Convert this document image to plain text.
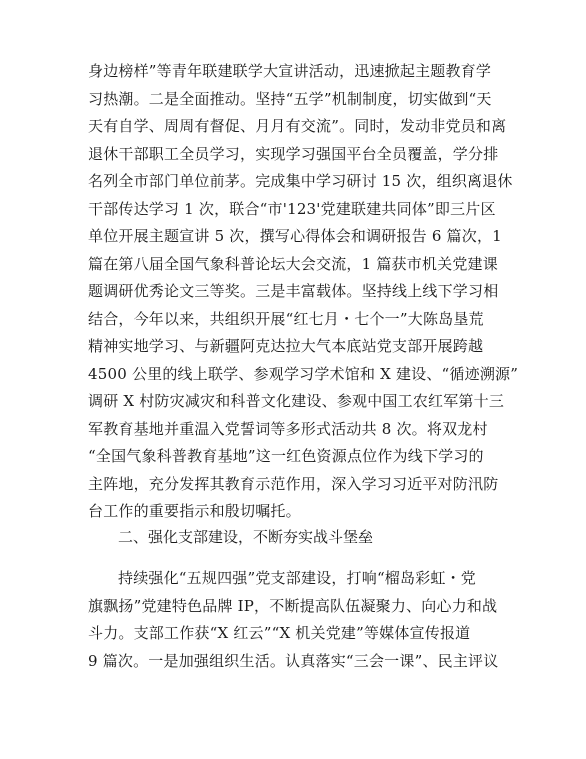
身边榜样”等青年联建联学大宣讲活动，迅速掀起主题教育学
习热潮。二是全面推动。坚持“五学”机制制度，切实做到“天
天有自学、周周有督促、月月有交流”。同时，发动非党员和离
退休干部职工全员学习，实现学习强国平台全员覆盖，学分排
名列全市部门单位前茅。完成集中学习研讨 15 次，组织离退休
干部传达学习 1 次，联合“市'123'党建联建共同体”即三片区
单位开展主题宣讲 5 次，撰写心得体会和调研报告 6 篇次，1
篇在第八届全国气象科普论坛大会交流，1 篇获市机关党建课
题调研优秀论文三等奖。三是丰富载体。坚持线上线下学习相
结合，今年以来，共组织开展“红七月・七个一”大陈岛垦荒
精神实地学习、与新疆阿克达拉大气本底站党支部开展跨越
4500 公里的线上联学、参观学习学术馆和 X 建设、“循迹溯源”
调研 X 村防灾减灾和科普文化建设、参观中国工农红军第十三
军教育基地并重温入党誓词等多形式活动共 8 次。将双龙村
“全国气象科普教育基地”这一红色资源点位作为线下学习的
主阵地，充分发挥其教育示范作用，深入学习习近平对防汛防
台工作的重要指示和殷切嘱托。
二、强化支部建设，不断夯实战斗堡垒
持续强化“五规四强”党支部建设，打响“榴岛彩虹・党
旗飘扬”党建特色品牌 IP，不断提高队伍凝聚力、向心力和战
斗力。支部工作获“X 红云”“X 机关党建”等媒体宣传报道
9 篇次。一是加强组织生活。认真落实“三会一课”、民主评议
